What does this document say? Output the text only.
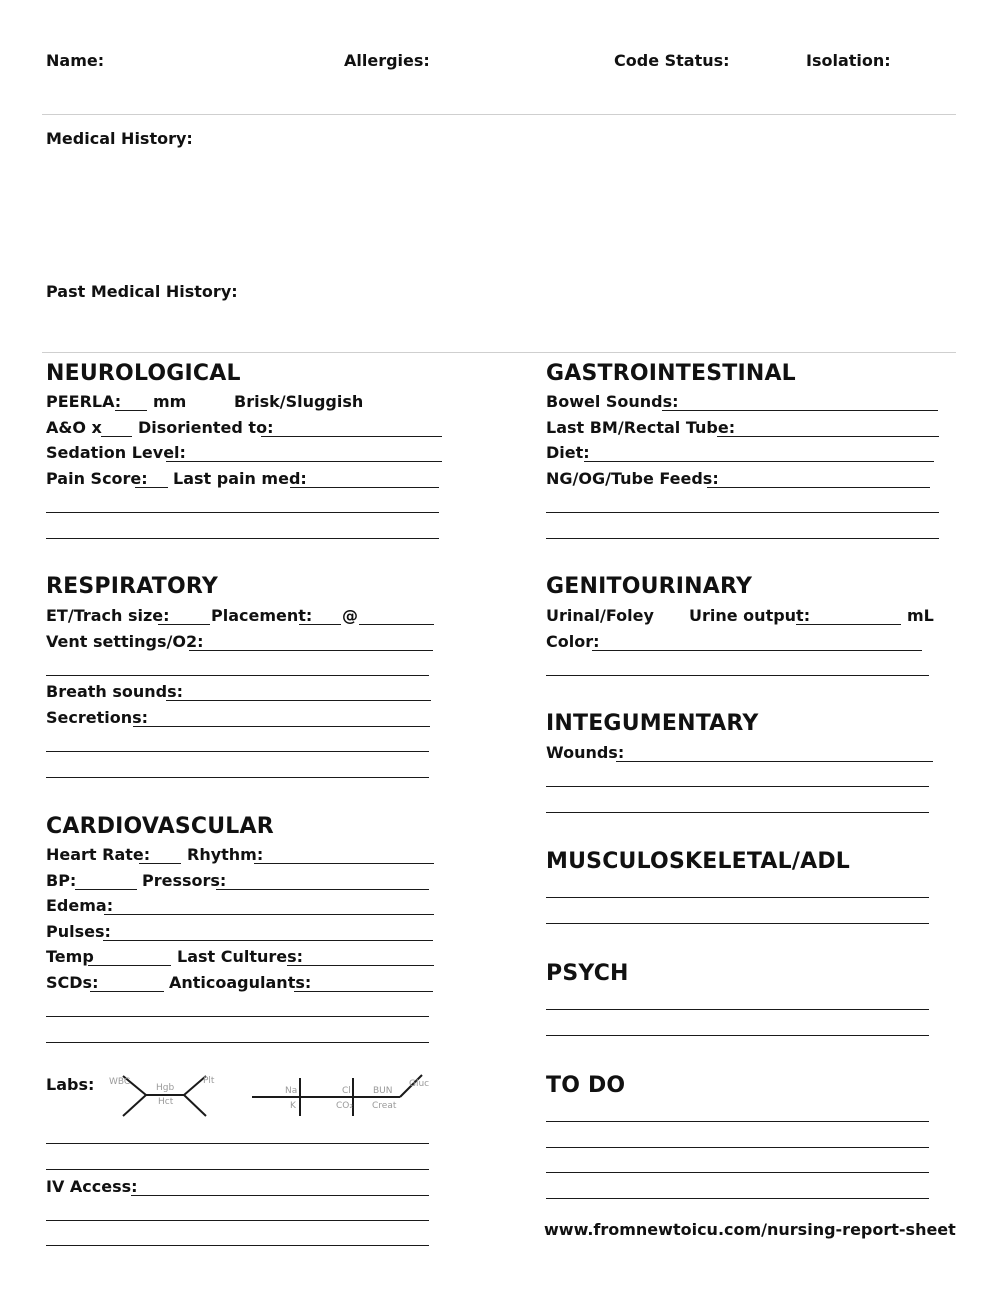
Name:	Allergies:	Code Status:	Isolation:
Medical History:
Past Medical History:
NEUROLOGICAL
PEERLA: mm	Brisk/Sluggish
A&O x Disoriented to:
Sedation Level:
Pain Score: Last pain med:
RESPIRATORY
ET/Trach size:	Placement: @
Vent settings/O2:
Breath sounds:
Secretions:
CARDIOVASCULAR
Heart Rate: Rhythm:
BP:	Pressors:
Edema:
Pulses:
Temp	Last Cultures:
SCDs:	Anticoagulants:
Labs: WBC
Hgb
Hct
Plt
Na
K
Cl
CO₂
BUN
Creat
Gluc
IV Access:
GASTROINTESTINAL
Bowel Sounds:
Last BM/Rectal Tube:
Diet:
NG/OG/Tube Feeds:
GENITOURINARY
Urinal/Foley Urine output:	mL
Color:
INTEGUMENTARY
Wounds:
MUSCULOSKELETAL/ADL
PSYCH
TO DO
www.fromnewtoicu.com/nursing-report-sheet
